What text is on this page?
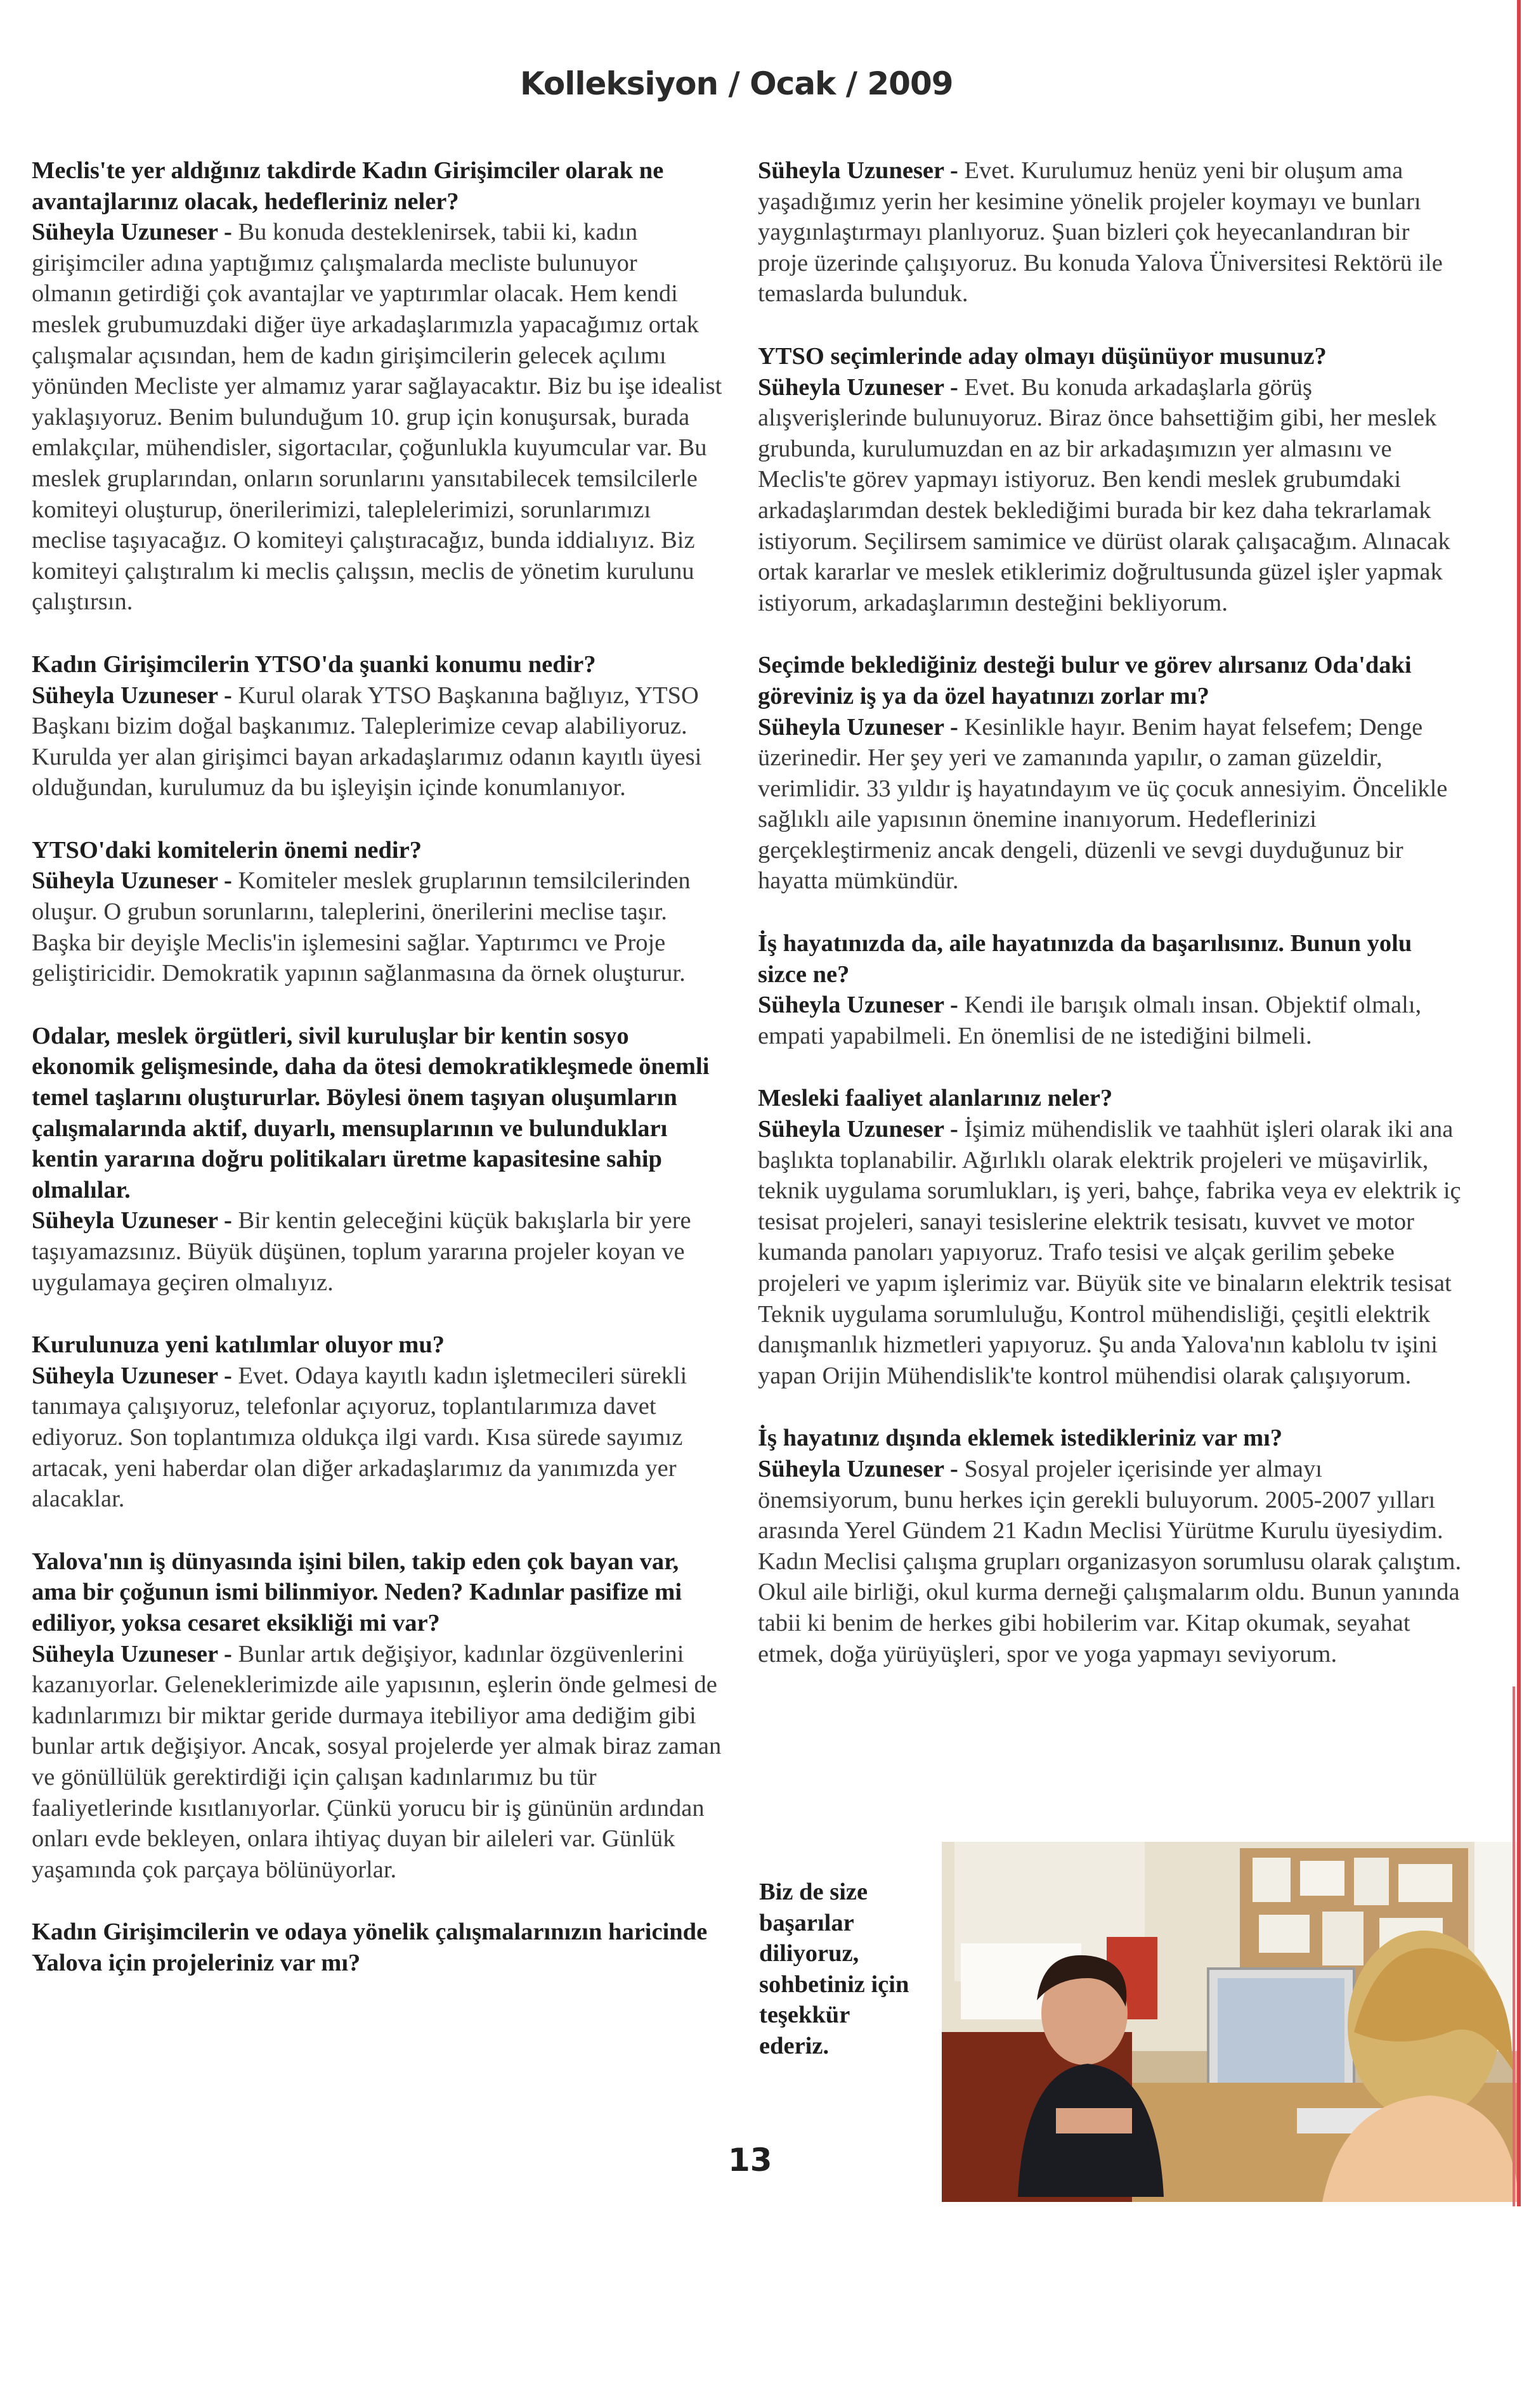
Kolleksiyon / Ocak / 2009

Meclis'te yer aldığınız takdirde Kadın Girişimciler olarak ne avantajlarınız olacak, hedefleriniz neler?

Süheyla Uzuneser - Bu konuda desteklenirsek, tabii ki, kadın girişimciler adına yaptığımız çalışmalarda mecliste bulunuyor olmanın getirdiği çok avantajlar ve yaptırımlar olacak. Hem kendi meslek grubumuzdaki diğer üye arkadaşlarımızla yapacağımız ortak çalışmalar açısından, hem de kadın girişimcilerin gelecek açılımı yönünden Mecliste yer almamız yarar sağlayacaktır. Biz bu işe idealist yaklaşıyoruz. Benim bulunduğum 10. grup için konuşursak, burada emlakçılar, mühendisler, sigortacılar, çoğunlukla kuyumcular var. Bu meslek gruplarından, onların sorunlarını yansıtabilecek temsilcilerle komiteyi oluşturup, önerilerimizi, taleplelerimizi, sorunlarımızı meclise taşıyacağız. O komiteyi çalıştıracağız, bunda iddialıyız. Biz komiteyi çalıştıralım ki meclis çalışsın, meclis de yönetim kurulunu çalıştırsın.

Kadın Girişimcilerin YTSO'da şuanki konumu nedir?

Süheyla Uzuneser - Kurul olarak YTSO Başkanına bağlıyız, YTSO Başkanı bizim doğal başkanımız. Taleplerimize cevap alabiliyoruz. Kurulda yer alan girişimci bayan arkadaşlarımız odanın kayıtlı üyesi olduğundan, kurulumuz da bu işleyişin içinde konumlanıyor.

YTSO'daki komitelerin önemi nedir?

Süheyla Uzuneser - Komiteler meslek gruplarının temsilcilerinden oluşur. O grubun sorunlarını, taleplerini, önerilerini meclise taşır. Başka bir deyişle Meclis'in işlemesini sağlar. Yaptırımcı ve Proje geliştiricidir. Demokratik yapının sağlanmasına da örnek oluşturur.

Odalar, meslek örgütleri, sivil kuruluşlar bir kentin sosyo ekonomik gelişmesinde, daha da ötesi demokratikleşmede önemli temel taşlarını oluştururlar. Böylesi önem taşıyan oluşumların çalışmalarında aktif, duyarlı, mensuplarının ve bulundukları kentin yararına doğru politikaları üretme kapasitesine sahip olmalılar.

Süheyla Uzuneser - Bir kentin geleceğini küçük bakışlarla bir yere taşıyamazsınız. Büyük düşünen, toplum yararına projeler koyan ve uygulamaya geçiren olmalıyız.

Kurulunuza yeni katılımlar oluyor mu?

Süheyla Uzuneser - Evet. Odaya kayıtlı kadın işletmecileri sürekli tanımaya çalışıyoruz, telefonlar açıyoruz, toplantılarımıza davet ediyoruz. Son toplantımıza oldukça ilgi vardı. Kısa sürede sayımız artacak, yeni haberdar olan diğer arkadaşlarımız da yanımızda yer alacaklar.

Yalova'nın iş dünyasında işini bilen, takip eden çok bayan var, ama bir çoğunun ismi bilinmiyor. Neden? Kadınlar pasifize mi ediliyor, yoksa cesaret eksikliği mi var?

Süheyla Uzuneser - Bunlar artık değişiyor, kadınlar özgüvenlerini kazanıyorlar. Geleneklerimizde aile yapısının, eşlerin önde gelmesi de kadınlarımızı bir miktar geride durmaya itebiliyor ama dediğim gibi bunlar artık değişiyor. Ancak, sosyal projelerde yer almak biraz zaman ve gönüllülük gerektirdiği için çalışan kadınlarımız bu tür faaliyetlerinde kısıtlanıyorlar. Çünkü yorucu bir iş gününün ardından onları evde bekleyen, onlara ihtiyaç duyan bir aileleri var. Günlük yaşamında çok parçaya bölünüyorlar.

Kadın Girişimcilerin ve odaya yönelik çalışmalarınızın haricinde Yalova için projeleriniz var mı?

Süheyla Uzuneser - Evet. Kurulumuz henüz yeni bir oluşum ama yaşadığımız yerin her kesimine yönelik projeler koymayı ve bunları yaygınlaştırmayı planlıyoruz. Şuan bizleri çok heyecanlandıran bir proje üzerinde çalışıyoruz. Bu konuda Yalova Üniversitesi Rektörü ile temaslarda bulunduk.

YTSO seçimlerinde aday olmayı düşünüyor musunuz?

Süheyla Uzuneser - Evet. Bu konuda arkadaşlarla görüş alışverişlerinde bulunuyoruz. Biraz önce bahsettiğim gibi, her meslek grubunda, kurulumuzdan en az bir arkadaşımızın yer almasını ve Meclis'te görev yapmayı istiyoruz. Ben kendi meslek grubumdaki arkadaşlarımdan destek beklediğimi burada bir kez daha tekrarlamak istiyorum. Seçilirsem samimice ve dürüst olarak çalışacağım. Alınacak ortak kararlar ve meslek etiklerimiz doğrultusunda güzel işler yapmak istiyorum, arkadaşlarımın desteğini bekliyorum.

Seçimde beklediğiniz desteği bulur ve görev alırsanız Oda'daki göreviniz iş ya da özel hayatınızı zorlar mı?

Süheyla Uzuneser - Kesinlikle hayır. Benim hayat felsefem; Denge üzerinedir. Her şey yeri ve zamanında yapılır, o zaman güzeldir, verimlidir. 33 yıldır iş hayatındayım ve üç çocuk annesiyim. Öncelikle sağlıklı aile yapısının önemine inanıyorum. Hedeflerinizi gerçekleştirmeniz ancak dengeli, düzenli ve sevgi duyduğunuz bir hayatta mümkündür.

İş hayatınızda da, aile hayatınızda da başarılısınız. Bunun yolu sizce ne?

Süheyla Uzuneser - Kendi ile barışık olmalı insan. Objektif olmalı, empati yapabilmeli. En önemlisi de ne istediğini bilmeli.

Mesleki faaliyet alanlarınız neler?

Süheyla Uzuneser - İşimiz mühendislik ve taahhüt işleri olarak iki ana başlıkta toplanabilir. Ağırlıklı olarak elektrik projeleri ve müşavirlik, teknik uygulama sorumlukları, iş yeri, bahçe, fabrika veya ev elektrik iç tesisat projeleri, sanayi tesislerine elektrik tesisatı, kuvvet ve motor kumanda panoları yapıyoruz. Trafo tesisi ve alçak gerilim şebeke projeleri ve yapım işlerimiz var. Büyük site ve binaların elektrik tesisat Teknik uygulama sorumluluğu, Kontrol mühendisliği, çeşitli elektrik danışmanlık hizmetleri yapıyoruz. Şu anda Yalova'nın kablolu tv işini yapan Orijin Mühendislik'te kontrol mühendisi olarak çalışıyorum.

İş hayatınız dışında eklemek istedikleriniz var mı?

Süheyla Uzuneser - Sosyal projeler içerisinde yer almayı önemsiyorum, bunu herkes için gerekli buluyorum. 2005-2007 yılları arasında Yerel Gündem 21 Kadın Meclisi Yürütme Kurulu üyesiydim. Kadın Meclisi çalışma grupları organizasyon sorumlusu olarak çalıştım. Okul aile birliği, okul kurma derneği çalışmalarım oldu. Bunun yanında tabii ki benim de herkes gibi hobilerim var. Kitap okumak, seyahat etmek, doğa yürüyüşleri, spor ve yoga yapmayı seviyorum.

Biz de size başarılar diliyoruz, sohbetiniz için teşekkür ederiz.
13
